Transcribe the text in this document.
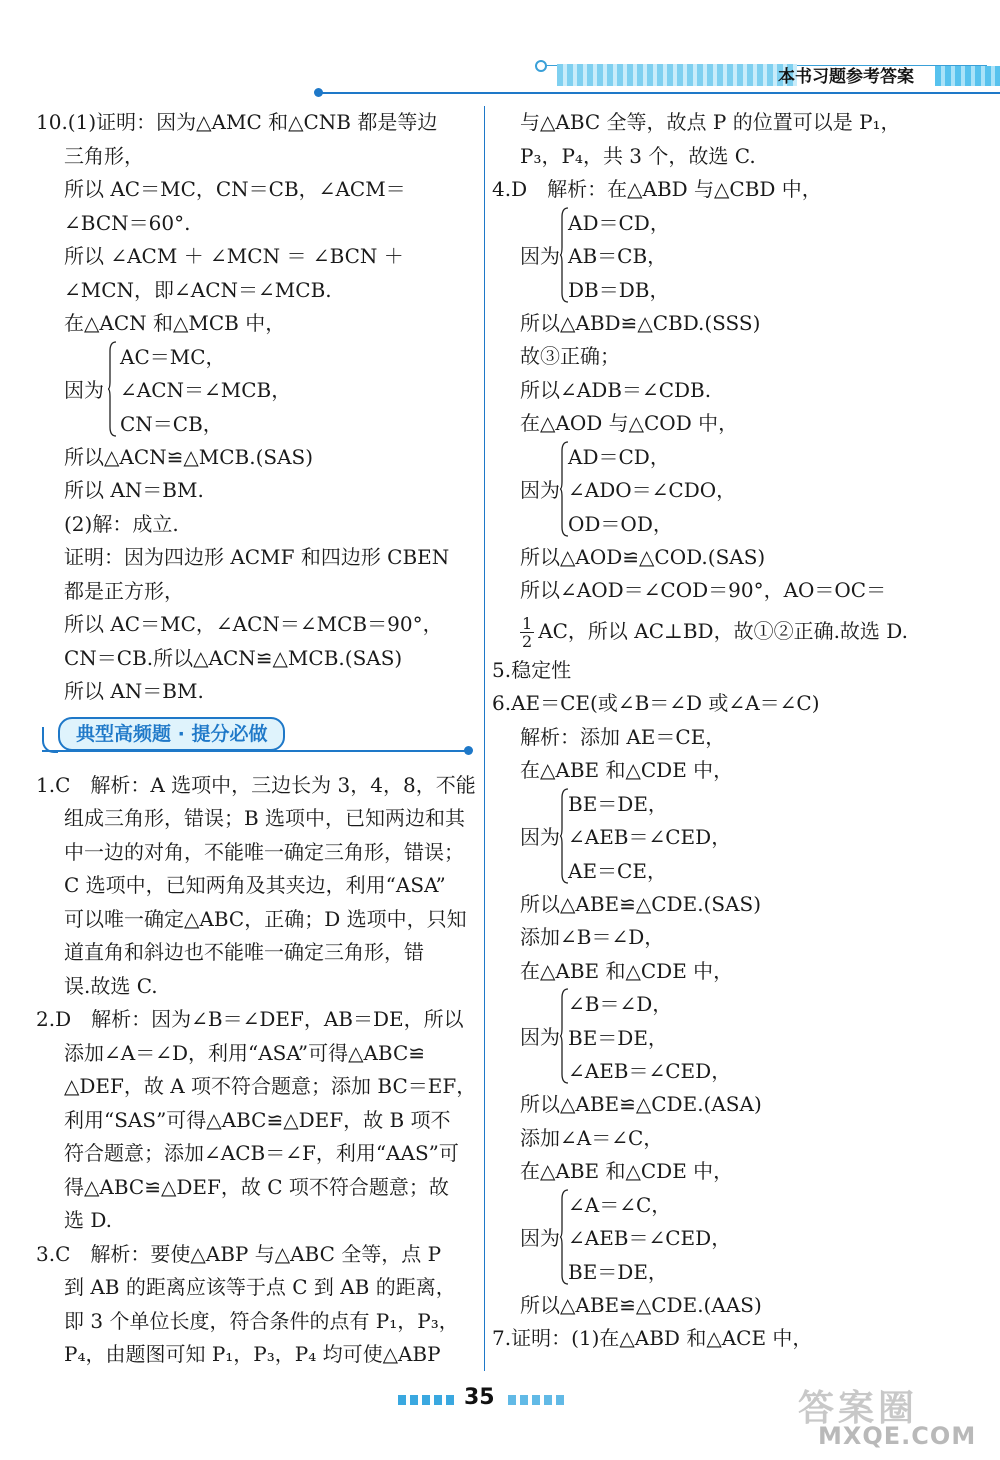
本书习题参考答案
10.(1)证明：因为△AMC 和△CNB 都是等边
三角形，
所以 AC＝MC，CN＝CB，∠ACM＝
∠BCN＝60°.
所以 ∠ACM ＋ ∠MCN ＝ ∠BCN ＋
∠MCN，即∠ACN＝∠MCB.
在△ACN 和△MCB 中，
因为
AC＝MC，
∠ACN＝∠MCB，
CN＝CB，
所以△ACN≌△MCB.(SAS)
所以 AN＝BM.
(2)解：成立.
证明：因为四边形 ACMF 和四边形 CBEN
都是正方形，
所以 AC＝MC，∠ACN＝∠MCB＝90°，
CN＝CB.所以△ACN≌△MCB.(SAS)
所以 AN＝BM.
典型高频题 · 提分必做
1.C　解析：A 选项中，三边长为 3，4，8，不能
组成三角形，错误；B 选项中，已知两边和其
中一边的对角，不能唯一确定三角形，错误；
C 选项中，已知两角及其夹边，利用“ASA”
可以唯一确定△ABC，正确；D 选项中，只知
道直角和斜边也不能唯一确定三角形，错
误.故选 C.
2.D　解析：因为∠B＝∠DEF，AB＝DE，所以
添加∠A＝∠D，利用“ASA”可得△ABC≌
△DEF，故 A 项不符合题意；添加 BC＝EF，
利用“SAS”可得△ABC≌△DEF，故 B 项不
符合题意；添加∠ACB＝∠F，利用“AAS”可
得△ABC≌△DEF，故 C 项不符合题意；故
选 D.
3.C　解析：要使△ABP 与△ABC 全等，点 P
到 AB 的距离应该等于点 C 到 AB 的距离，
即 3 个单位长度，符合条件的点有 P₁，P₃，
P₄，由题图可知 P₁，P₃，P₄ 均可使△ABP
与△ABC 全等，故点 P 的位置可以是 P₁，
P₃，P₄，共 3 个，故选 C.
4.D　解析：在△ABD 与△CBD 中，
因为
AD＝CD，
AB＝CB，
DB＝DB，
所以△ABD≌△CBD.(SSS)
故③正确；
所以∠ADB＝∠CDB.
在△AOD 与△COD 中，
因为
AD＝CD，
∠ADO＝∠CDO，
OD＝OD，
所以△AOD≌△COD.(SAS)
所以∠AOD＝∠COD＝90°，AO＝OC＝
$\frac{1}{2}$ AC，所以 AC⊥BD，故①②正确.故选 D.
5.稳定性
6.AE＝CE(或∠B＝∠D 或∠A＝∠C)
解析：添加 AE＝CE，
在△ABE 和△CDE 中，
因为
BE＝DE，
∠AEB＝∠CED，
AE＝CE，
所以△ABE≌△CDE.(SAS)
添加∠B＝∠D，
在△ABE 和△CDE 中，
因为
∠B＝∠D，
BE＝DE，
∠AEB＝∠CED，
所以△ABE≌△CDE.(ASA)
添加∠A＝∠C，
在△ABE 和△CDE 中，
因为
∠A＝∠C，
∠AEB＝∠CED，
BE＝DE，
所以△ABE≌△CDE.(AAS)
7.证明：(1)在△ABD 和△ACE 中，
35	答案圈
MXQE.COM
